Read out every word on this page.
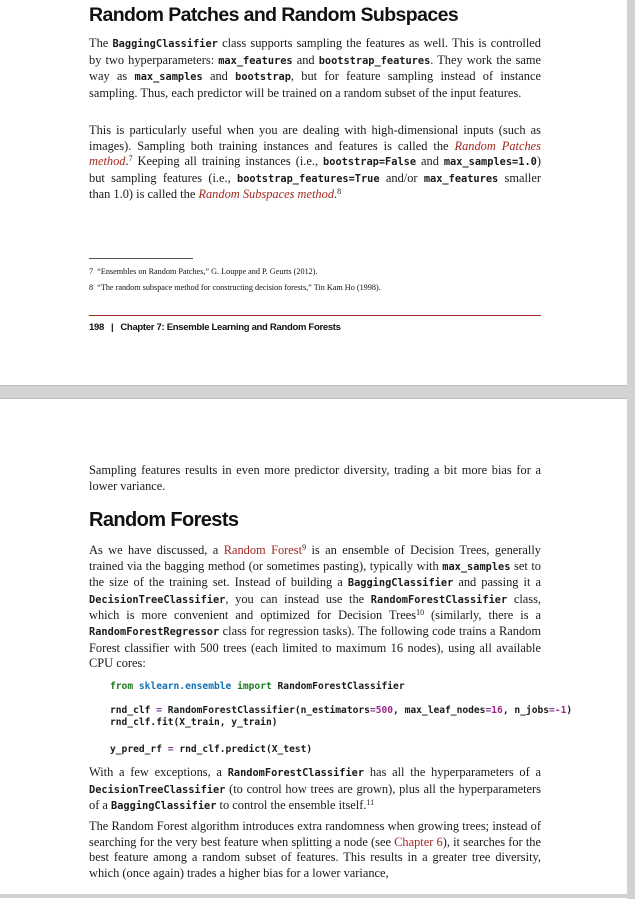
Random Patches and Random Subspaces

The BaggingClassifier class supports sampling the features as well. This is controlled by two hyperparameters: max_features and bootstrap_features. They work the same way as max_samples and bootstrap, but for feature sampling instead of instance sampling. Thus, each predictor will be trained on a random subset of the input features.

This is particularly useful when you are dealing with high-dimensional inputs (such as images). Sampling both training instances and features is called the Random Patches method.$^7$ Keeping all training instances (i.e., bootstrap=False and max_samples=1.0) but sampling features (i.e., bootstrap_features=True and/or max_features smaller than 1.0) is called the Random Subspaces method.$^8$

7 “Ensembles on Random Patches,” G. Louppe and P. Geurts (2012).
8 “The random subspace method for constructing decision forests,” Tin Kam Ho (1998).
198 | Chapter 7: Ensemble Learning and Random Forests

Sampling features results in even more predictor diversity, trading a bit more bias for a lower variance.

Random Forests

As we have discussed, a Random Forest$^9$ is an ensemble of Decision Trees, generally trained via the bagging method (or sometimes pasting), typically with max_samples set to the size of the training set. Instead of building a BaggingClassifier and passing it a DecisionTreeClassifier, you can instead use the RandomForestClassifier class, which is more convenient and optimized for Decision Trees$^{10}$ (similarly, there is a RandomForestRegressor class for regression tasks). The following code trains a Random Forest classifier with 500 trees (each limited to maximum 16 nodes), using all available CPU cores:

from sklearn.ensemble import RandomForestClassifier
rnd_clf = RandomForestClassifier(n_estimators=500, max_leaf_nodes=16, n_jobs=-1)
rnd_clf.fit(X_train, y_train)
y_pred_rf = rnd_clf.predict(X_test)

With a few exceptions, a RandomForestClassifier has all the hyperparameters of a DecisionTreeClassifier (to control how trees are grown), plus all the hyperparameters of a BaggingClassifier to control the ensemble itself.$^{11}$

The Random Forest algorithm introduces extra randomness when growing trees; instead of searching for the very best feature when splitting a node (see Chapter 6), it searches for the best feature among a random subset of features. This results in a greater tree diversity, which (once again) trades a higher bias for a lower variance,
